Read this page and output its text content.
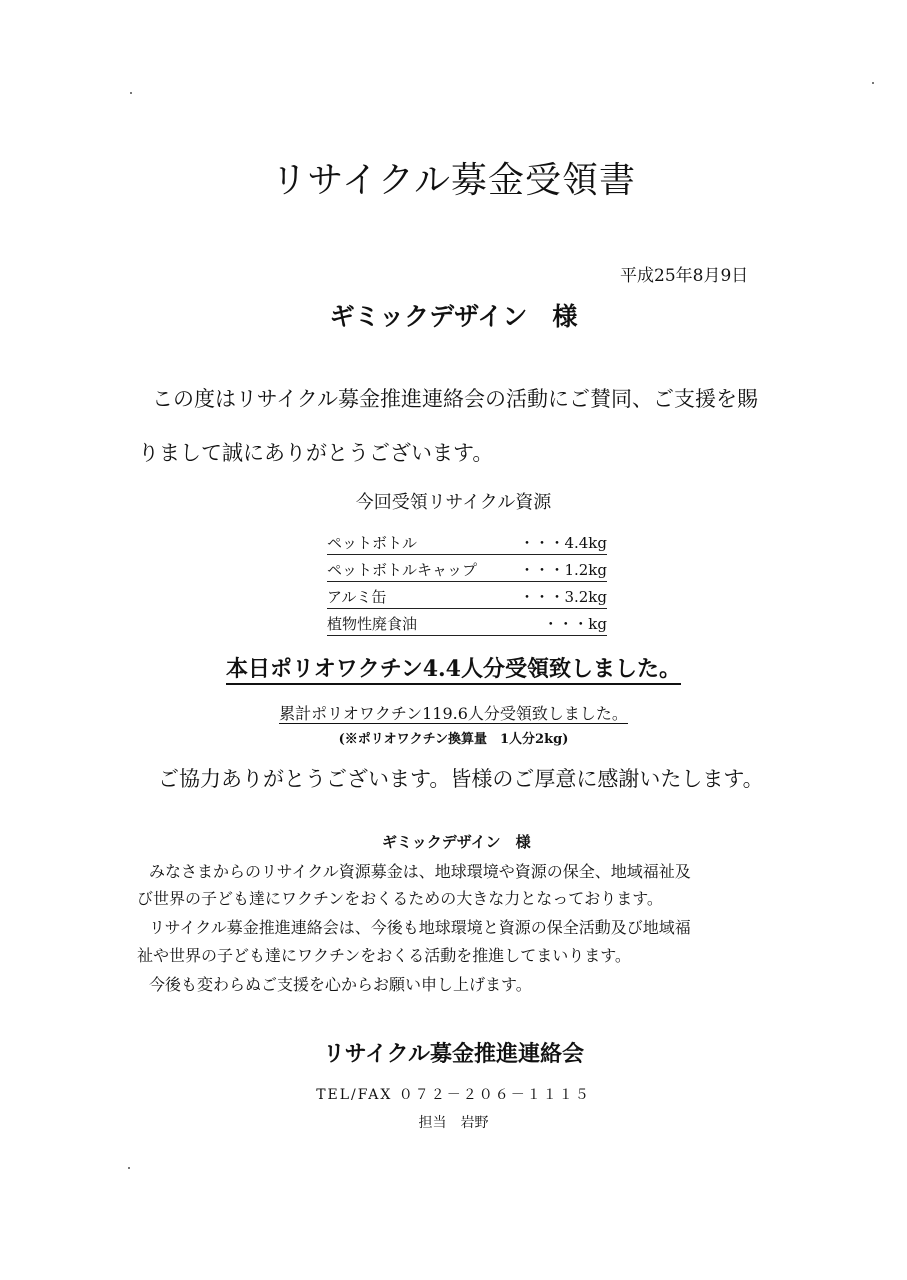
リサイクル募金受領書
平成25年8月9日
ギミックデザイン　様
この度はリサイクル募金推進連絡会の活動にご賛同、ご支援を賜
りまして誠にありがとうございます。
今回受領リサイクル資源
ペットボトル	・・・4.4kg
ペットボトルキャップ	・・・1.2kg
アルミ缶	・・・3.2kg
植物性廃食油	・・・kg
本日ポリオワクチン4.4人分受領致しました。
累計ポリオワクチン119.6人分受領致しました。
(※ポリオワクチン換算量　1人分2kg)
ご協力ありがとうございます。皆様のご厚意に感謝いたします。
ギミックデザイン　様
みなさまからのリサイクル資源募金は、地球環境や資源の保全、地域福祉及
び世界の子ども達にワクチンをおくるための大きな力となっております。
リサイクル募金推進連絡会は、今後も地球環境と資源の保全活動及び地域福
祉や世界の子ども達にワクチンをおくる活動を推進してまいります。
今後も変わらぬご支援を心からお願い申し上げます。
リサイクル募金推進連絡会
TEL/FAX ０７２－２０６－１１１５
担当　岩野
